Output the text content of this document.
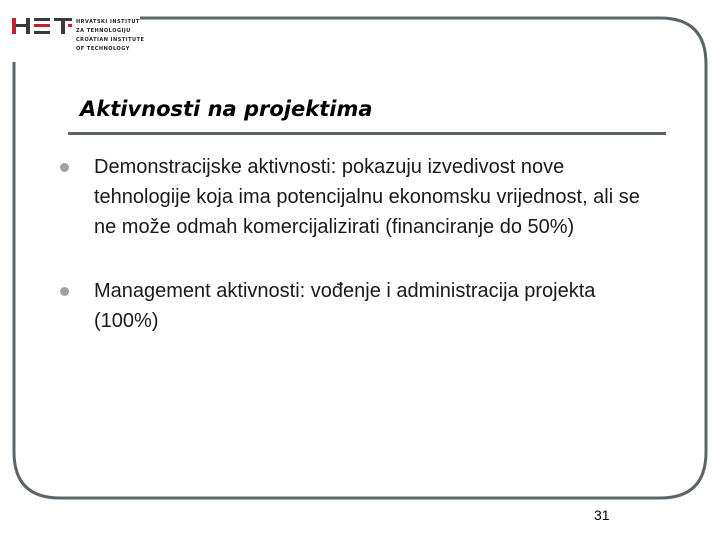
HRVATSKI INSTITUT
ZA TEHNOLOGIJU
CROATIAN INSTITUTE
OF TECHNOLOGY
Aktivnosti na projektima
Demonstracijske aktivnosti: pokazuju izvedivost nove tehnologije koja ima potencijalnu ekonomsku vrijednost, ali se ne može odmah komercijalizirati (financiranje do 50%)
Management aktivnosti: vođenje i administracija projekta (100%)
31
